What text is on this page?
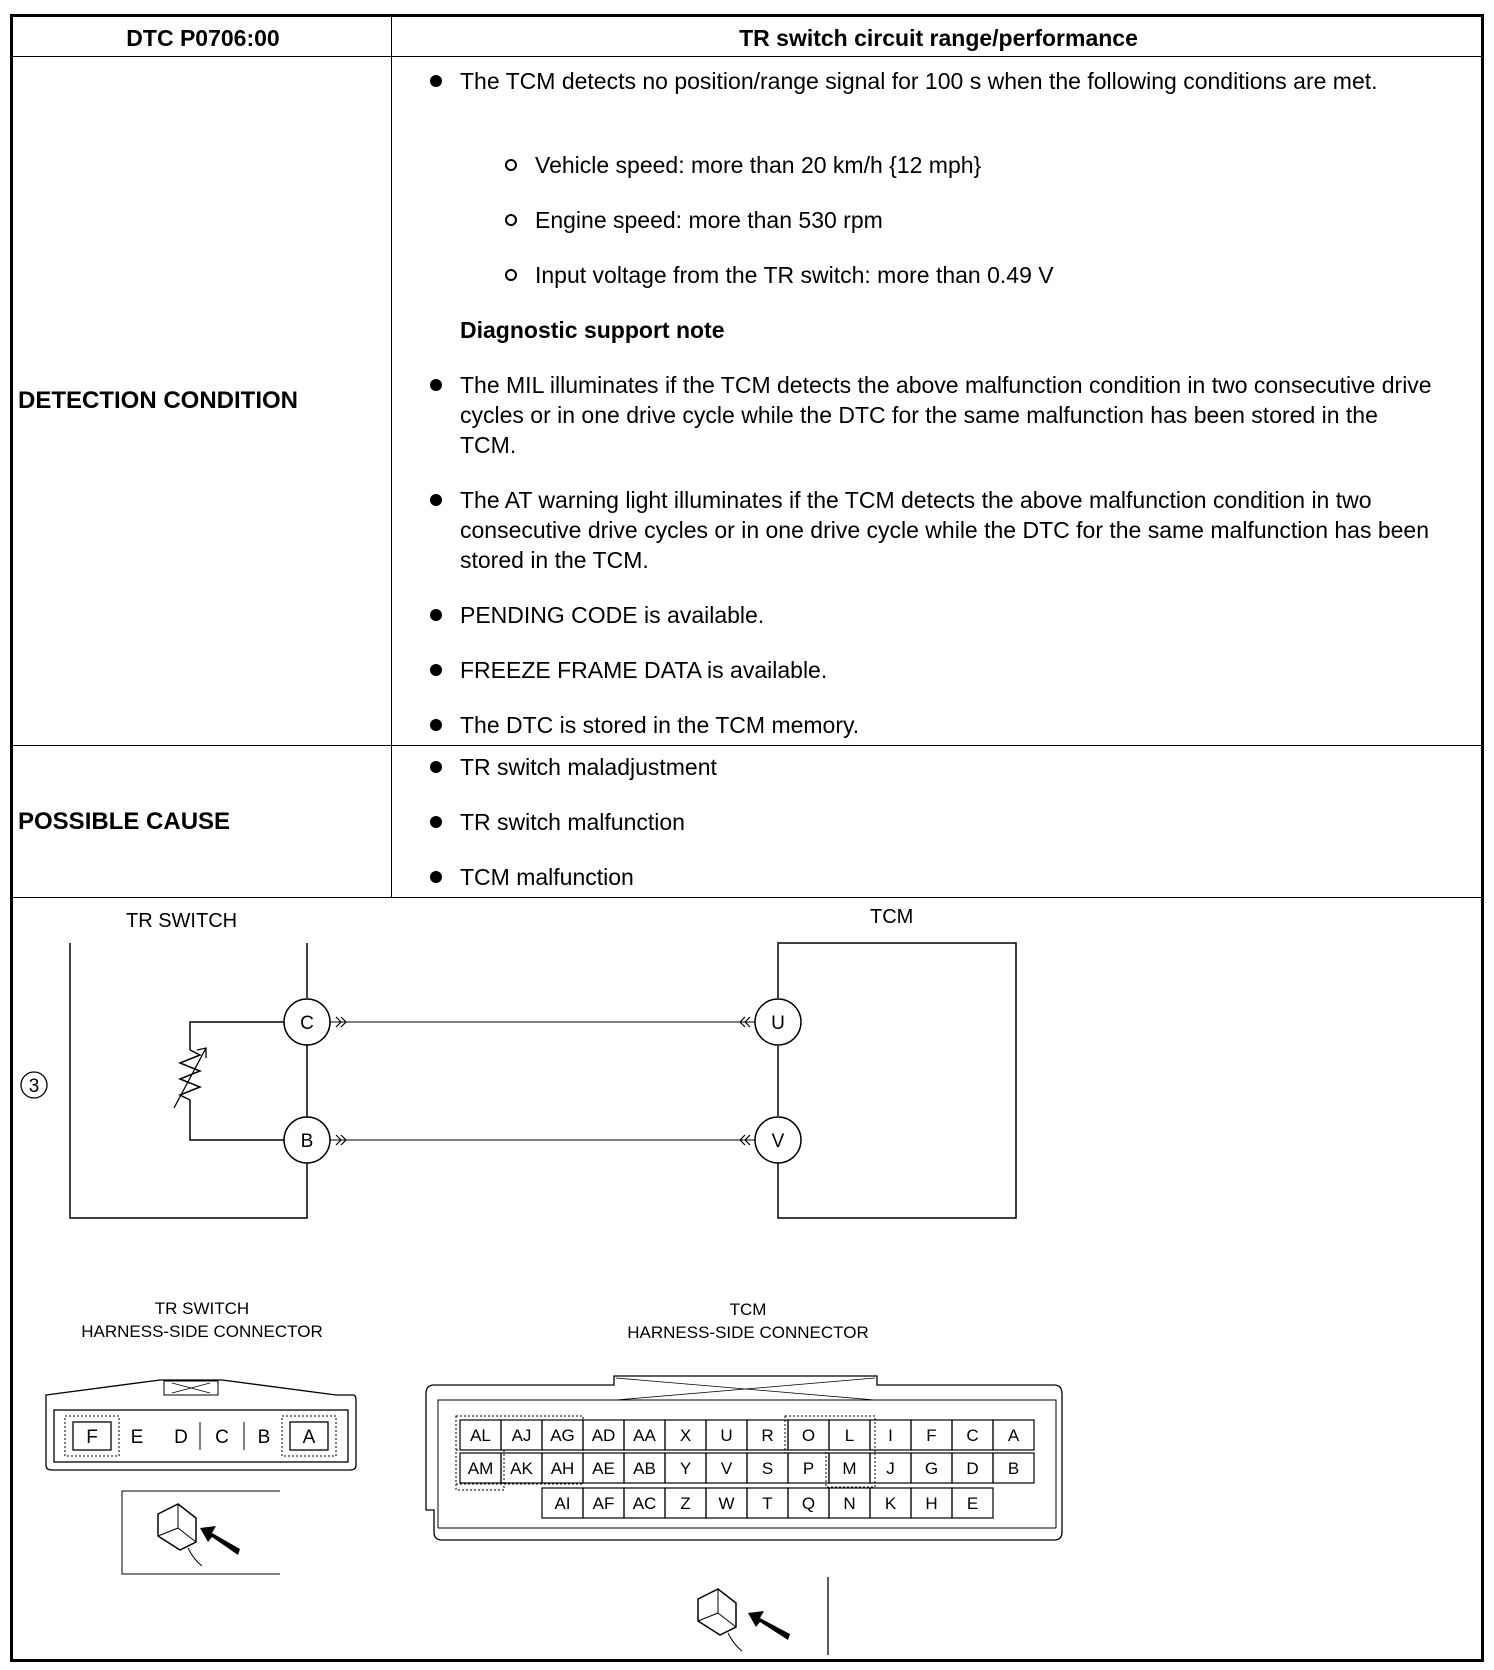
DTC P0706:00	TR switch circuit range/performance
DETECTION CONDITION
The TCM detects no position/range signal for 100 s when the following conditions are met.
Vehicle speed: more than 20 km/h {12 mph}
Engine speed: more than 530 rpm
Input voltage from the TR switch: more than 0.49 V
Diagnostic support note
The MIL illuminates if the TCM detects the above malfunction condition in two consecutive drive cycles or in one drive cycle while the DTC for the same malfunction has been stored in the TCM.
The AT warning light illuminates if the TCM detects the above malfunction condition in two consecutive drive cycles or in one drive cycle while the DTC for the same malfunction has been stored in the TCM.
PENDING CODE is available.
FREEZE FRAME DATA is available.
The DTC is stored in the TCM memory.
POSSIBLE CAUSE
TR switch maladjustment
TR switch malfunction
TCM malfunction
TR SWITCH	TCM
3
C
B
U
V
F E D C B A	AL AJ AG AD AA X U R O L I F C A
AM AK AH AE AB Y V S P M J G D B
AI AF AC Z W T Q N K H E
TR SWITCH
HARNESS-SIDE CONNECTOR
TCM
HARNESS-SIDE CONNECTOR
